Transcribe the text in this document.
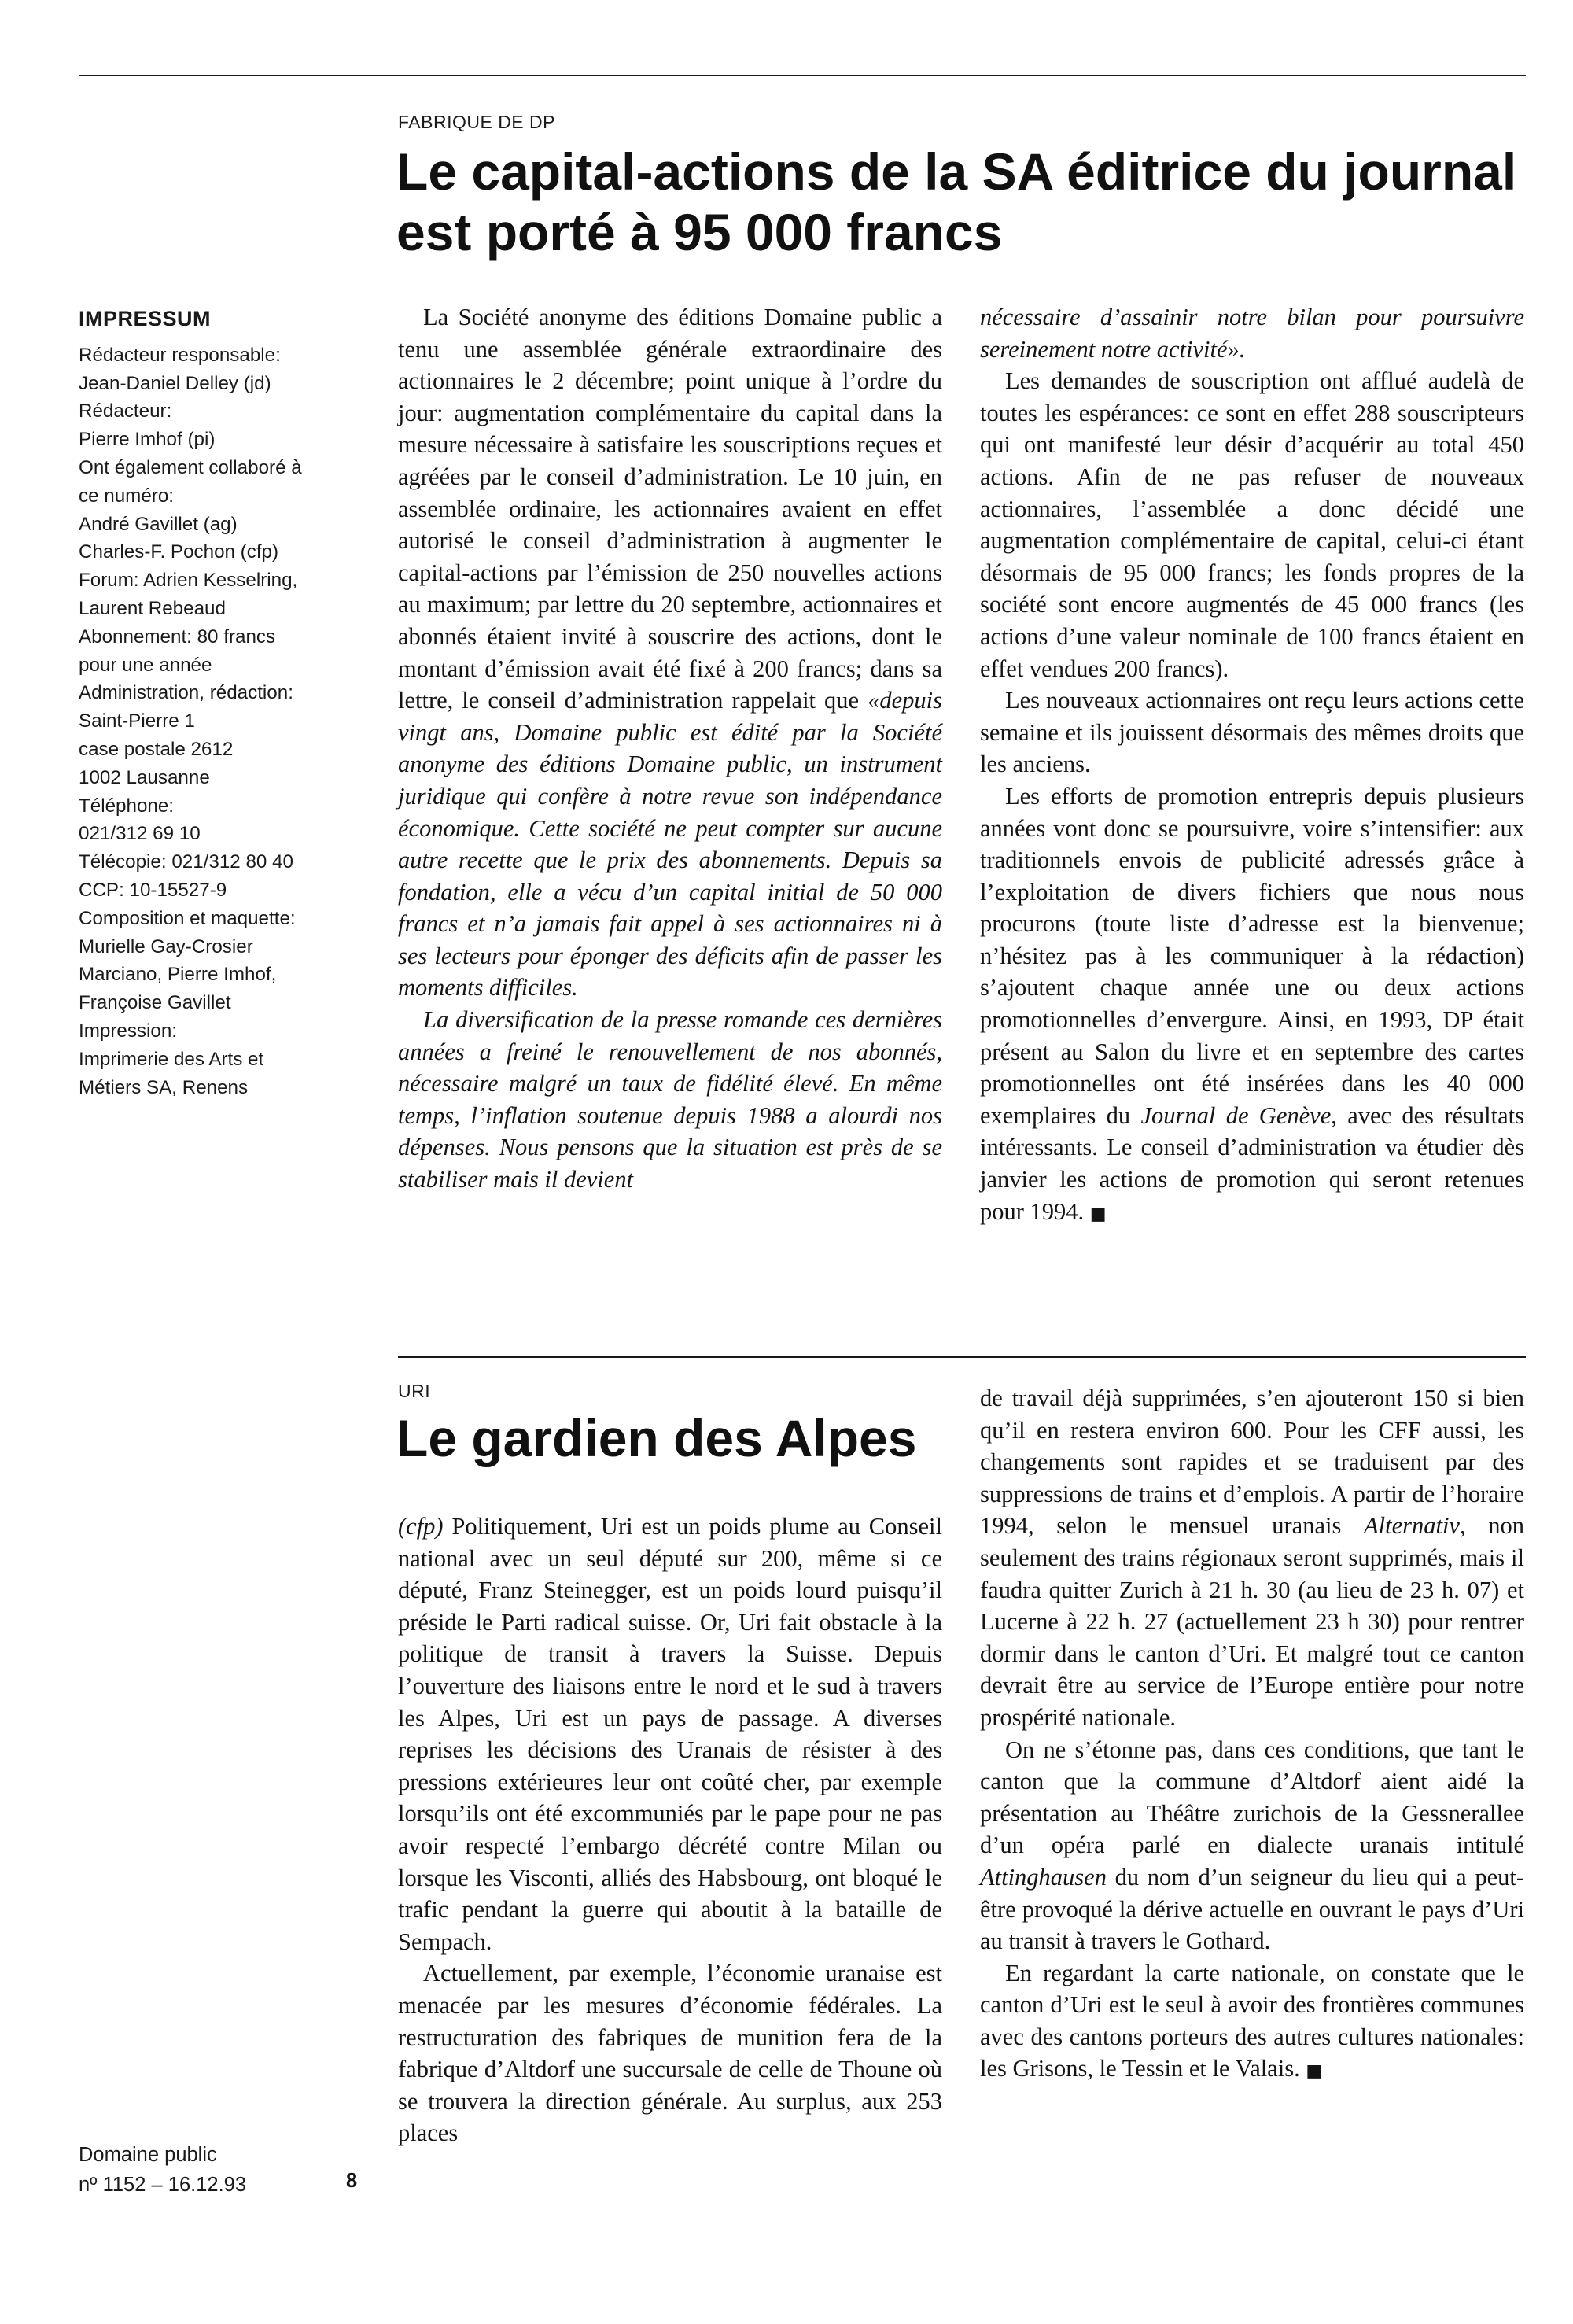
FABRIQUE DE DP
Le capital-actions de la SA éditrice du journal
est porté à 95 000 francs
IMPRESSUM
Rédacteur responsable:
Jean-Daniel Delley (jd)
Rédacteur:
Pierre Imhof (pi)
Ont également collaboré à
ce numéro:
André Gavillet (ag)
Charles-F. Pochon (cfp)
Forum: Adrien Kesselring,
Laurent Rebeaud
Abonnement: 80 francs
pour une année
Administration, rédaction:
Saint-Pierre 1
case postale 2612
1002 Lausanne
Téléphone:
021/312 69 10
Télécopie: 021/312 80 40
CCP: 10-15527-9
Composition et maquette:
Murielle Gay-Crosier
Marciano, Pierre Imhof,
Françoise Gavillet
Impression:
Imprimerie des Arts et
Métiers SA, Renens

La Société anonyme des éditions Domaine public a tenu une assemblée générale extraordinaire des actionnaires le 2 décembre; point unique à l’ordre du jour: augmentation complémentaire du capital dans la mesure nécessaire à satisfaire les souscriptions reçues et agréées par le conseil d’administration. Le 10 juin, en assemblée ordinaire, les actionnaires avaient en effet autorisé le conseil d’administration à augmenter le capital-actions par l’émission de 250 nouvelles actions au maximum; par lettre du 20 septembre, actionnaires et abonnés étaient invité à souscrire des actions, dont le montant d’émission avait été fixé à 200 francs; dans sa lettre, le conseil d’administration rappelait que «depuis vingt ans, Domaine public est édité par la Société anonyme des éditions Domaine public, un instrument juridique qui confère à notre revue son indépendance économique. Cette société ne peut compter sur aucune autre recette que le prix des abonnements. Depuis sa fondation, elle a vécu d’un capital initial de 50 000 francs et n’a jamais fait appel à ses actionnaires ni à ses lecteurs pour éponger des déficits afin de passer les moments difficiles.

La diversification de la presse romande ces dernières années a freiné le renouvellement de nos abonnés, nécessaire malgré un taux de fidélité élevé. En même temps, l’inflation soutenue depuis 1988 a alourdi nos dépenses. Nous pensons que la situation est près de se stabiliser mais il devient

nécessaire d’assainir notre bilan pour poursuivre sereinement notre activité».

Les demandes de souscription ont afflué audelà de toutes les espérances: ce sont en effet 288 souscripteurs qui ont manifesté leur désir d’acquérir au total 450 actions. Afin de ne pas refuser de nouveaux actionnaires, l’assemblée a donc décidé une augmentation complémentaire de capital, celui-ci étant désormais de 95 000 francs; les fonds propres de la société sont encore augmentés de 45 000 francs (les actions d’une valeur nominale de 100 francs étaient en effet vendues 200 francs).

Les nouveaux actionnaires ont reçu leurs actions cette semaine et ils jouissent désormais des mêmes droits que les anciens.

Les efforts de promotion entrepris depuis plusieurs années vont donc se poursuivre, voire s’intensifier: aux traditionnels envois de publicité adressés grâce à l’exploitation de divers fichiers que nous nous procurons (toute liste d’adresse est la bienvenue; n’hésitez pas à les communiquer à la rédaction) s’ajoutent chaque année une ou deux actions promotionnelles d’envergure. Ainsi, en 1993, DP était présent au Salon du livre et en septembre des cartes promotionnelles ont été insérées dans les 40 000 exemplaires du Journal de Genève, avec des résultats intéressants. Le conseil d’administration va étudier dès janvier les actions de promotion qui seront retenues pour 1994. ■

URI
Le gardien des Alpes

(cfp) Politiquement, Uri est un poids plume au Conseil national avec un seul député sur 200, même si ce député, Franz Steinegger, est un poids lourd puisqu’il préside le Parti radical suisse. Or, Uri fait obstacle à la politique de transit à travers la Suisse. Depuis l’ouverture des liaisons entre le nord et le sud à travers les Alpes, Uri est un pays de passage. A diverses reprises les décisions des Uranais de résister à des pressions extérieures leur ont coûté cher, par exemple lorsqu’ils ont été excommuniés par le pape pour ne pas avoir respecté l’embargo décrété contre Milan ou lorsque les Visconti, alliés des Habsbourg, ont bloqué le trafic pendant la guerre qui aboutit à la bataille de Sempach.

Actuellement, par exemple, l’économie uranaise est menacée par les mesures d’économie fédérales. La restructuration des fabriques de munition fera de la fabrique d’Altdorf une succursale de celle de Thoune où se trouvera la direction générale. Au surplus, aux 253 places

de travail déjà supprimées, s’en ajouteront 150 si bien qu’il en restera environ 600. Pour les CFF aussi, les changements sont rapides et se traduisent par des suppressions de trains et d’emplois. A partir de l’horaire 1994, selon le mensuel uranais Alternativ, non seulement des trains régionaux seront supprimés, mais il faudra quitter Zurich à 21 h. 30 (au lieu de 23 h. 07) et Lucerne à 22 h. 27 (actuellement 23 h 30) pour rentrer dormir dans le canton d’Uri. Et malgré tout ce canton devrait être au service de l’Europe entière pour notre prospérité nationale.

On ne s’étonne pas, dans ces conditions, que tant le canton que la commune d’Altdorf aient aidé la présentation au Théâtre zurichois de la Gessnerallee d’un opéra parlé en dialecte uranais intitulé Attinghausen du nom d’un seigneur du lieu qui a peut-être provoqué la dérive actuelle en ouvrant le pays d’Uri au transit à travers le Gothard.

En regardant la carte nationale, on constate que le canton d’Uri est le seul à avoir des frontières communes avec des cantons porteurs des autres cultures nationales: les Grisons, le Tessin et le Valais. ■

Domaine public
nº 1152 – 16.12.93	8
